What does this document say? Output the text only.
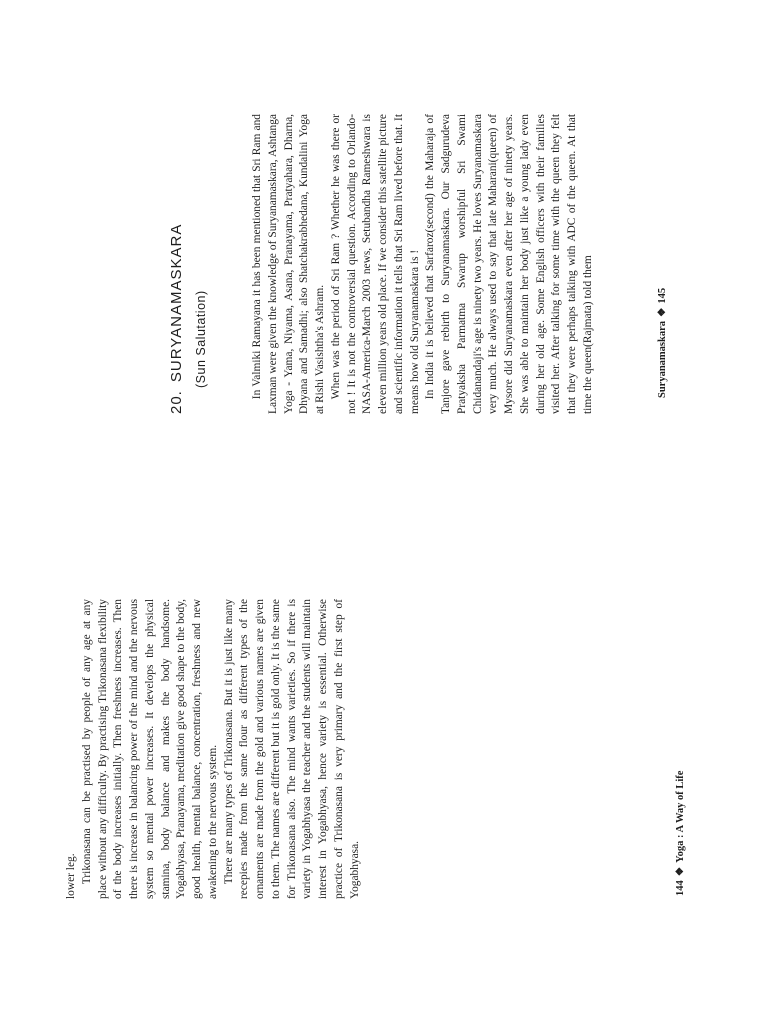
lower leg. Trikonasana can be practised by people of any age at any place without any difficulty. By practising Trikonasana flexibility of the body increases initially. Then freshness increases. Then there is increase in balancing power of the mind and the nervous system so mental power increases. It develops the physical stamina, body balance and makes the body handsome. Yogabhyasa, Pranayama, meditation give good shape to the body, good health, mental balance, concentration, freshness and new awakening to the nervous system. There are many types of Trikonasana. But it is just like many recepies made from the same flour as different types of the ornaments are made from the gold and various names are given to them. The names are different but it is gold only. It is the same for Trikonasana also. The mind wants varieties. So if there is variety in Yogabhyasa the teacher and the students will maintain interest in Yogabhyasa, hence variety is essential. Otherwise practice of Trikonasana is very primary and the first step of Yogabhyasa.	144❖Yoga : A Way of Life
20.SURYANAMASKARA (Sun Salutation)	In Valmiki Ramayana it has been mentioned that Sri Ram and Laxman were given the knowledge of Suryanamaskara, Ashtanga Yoga - Yama, Niyama, Asana, Pranayama, Pratyahara, Dharna, Dhyana and Samadhi; also Shatchakrabhedana, Kundalini Yoga at Rishi Vasishtha's Ashram. When was the period of Sri Ram ? Whether he was there or not ! It is not the controversial question. According to Orlando-NASA-America-March 2003 news, Setubandha Rameshwara is eleven million years old place. If we consider this satellite picture and scientific information it tells that Sri Ram lived before that. It means how old Suryanamaskara is ! In India it is believed that Sarfaroz(second) the Maharaja of Tanjore gave rebirth to Suryanamaskara. Our Sadgurudeva Pratyaksha Parmatma Swarup worshipful Sri Swami Chidanandaji's age is ninety two years. He loves Suryanamaskara very much. He always used to say that late Maharani(queen) of Mysore did Suryanamaskara even after her age of ninety years. She was able to maintain her body just like a young lady even during her old age. Some English officers with their families visited her. After talking for some time with the queen they felt that they were perhaps talking with ADC of the queen. At that time the queen(Rajmata) told them	Suryanamaskara❖145
